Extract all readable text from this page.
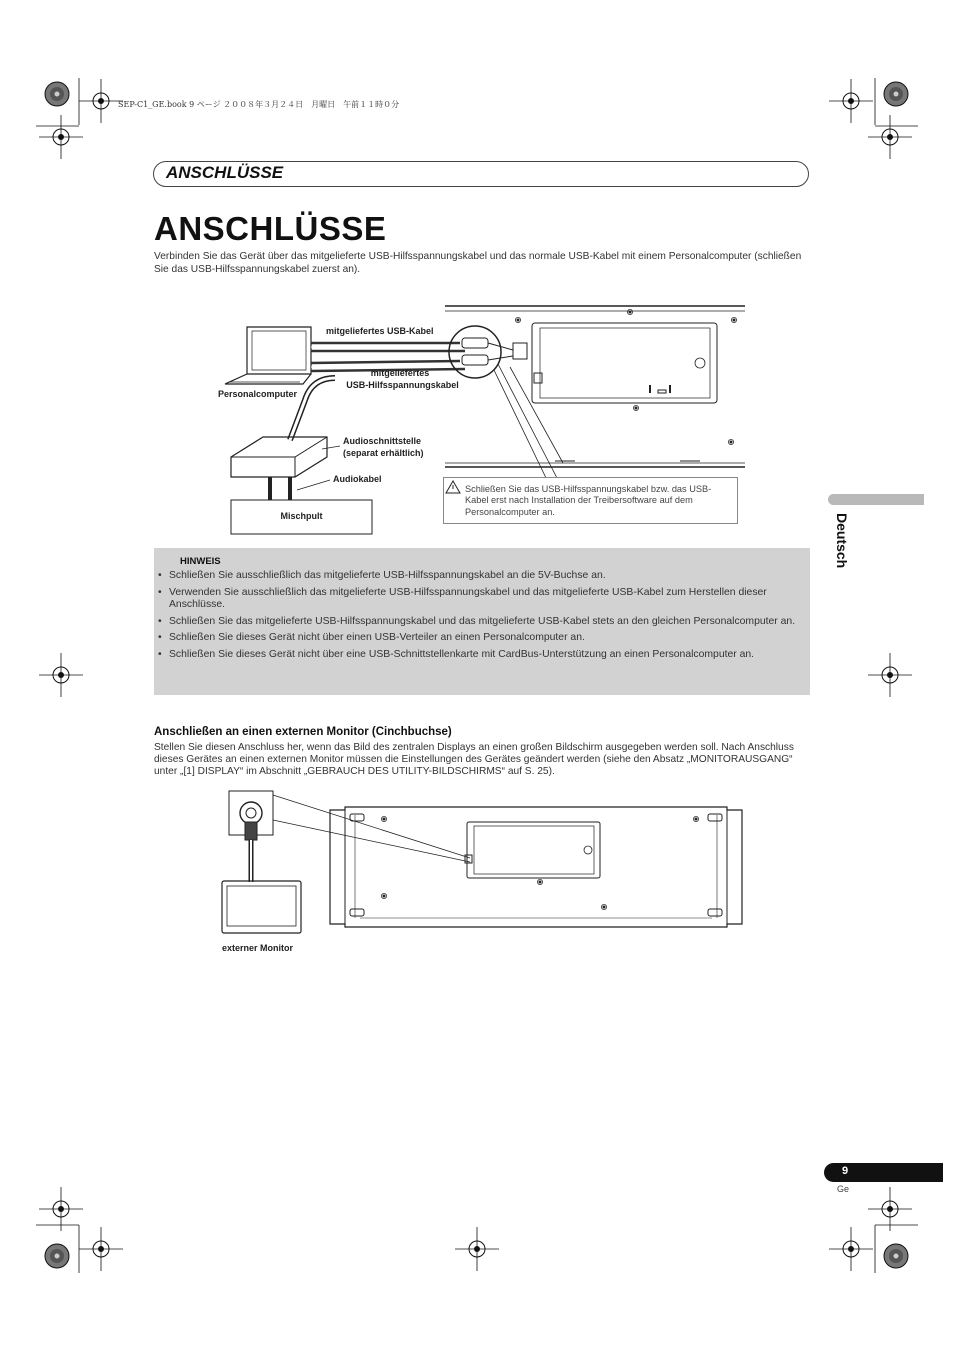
SEP-C1_GE.book 9 ページ ２００８年３月２４日　月曜日　午前１１時０分
ANSCHLÜSSE
ANSCHLÜSSE
Verbinden Sie das Gerät über das mitgelieferte USB-Hilfsspannungskabel und das normale USB-Kabel mit einem Personalcomputer (schließen Sie das USB-Hilfsspannungskabel zuerst an).
Deutsch
mitgeliefertes USB-Kabel
mitgeliefertes
USB-Hilfsspannungskabel
Personalcomputer
Audioschnittstelle
(separat erhältlich)
Audiokabel
Mischpult
Schließen Sie das USB-Hilfsspannungskabel bzw. das USB-Kabel erst nach Installation der Treibersoftware auf dem Personalcomputer an.
HINWEIS
• Schließen Sie ausschließlich das mitgelieferte USB-Hilfsspannungskabel an die 5V-Buchse an.
• Verwenden Sie ausschließlich das mitgelieferte USB-Hilfsspannungskabel und das mitgelieferte USB-Kabel zum Herstellen dieser Anschlüsse.
• Schließen Sie das mitgelieferte USB-Hilfsspannungskabel und das mitgelieferte USB-Kabel stets an den gleichen Personalcomputer an.
• Schließen Sie dieses Gerät nicht über einen USB-Verteiler an einen Personalcomputer an.
• Schließen Sie dieses Gerät nicht über eine USB-Schnittstellenkarte mit CardBus-Unterstützung an einen Personalcomputer an.
Anschließen an einen externen Monitor (Cinchbuchse)
Stellen Sie diesen Anschluss her, wenn das Bild des zentralen Displays an einen großen Bildschirm ausgegeben werden soll. Nach Anschluss dieses Gerätes an einen externen Monitor müssen die Einstellungen des Gerätes geändert werden (siehe den Absatz „MONITORAUSGANG“ unter „[1] DISPLAY“ im Abschnitt „GEBRAUCH DES UTILITY-BILDSCHIRMS“ auf S. 25).
externer Monitor
9
Ge
